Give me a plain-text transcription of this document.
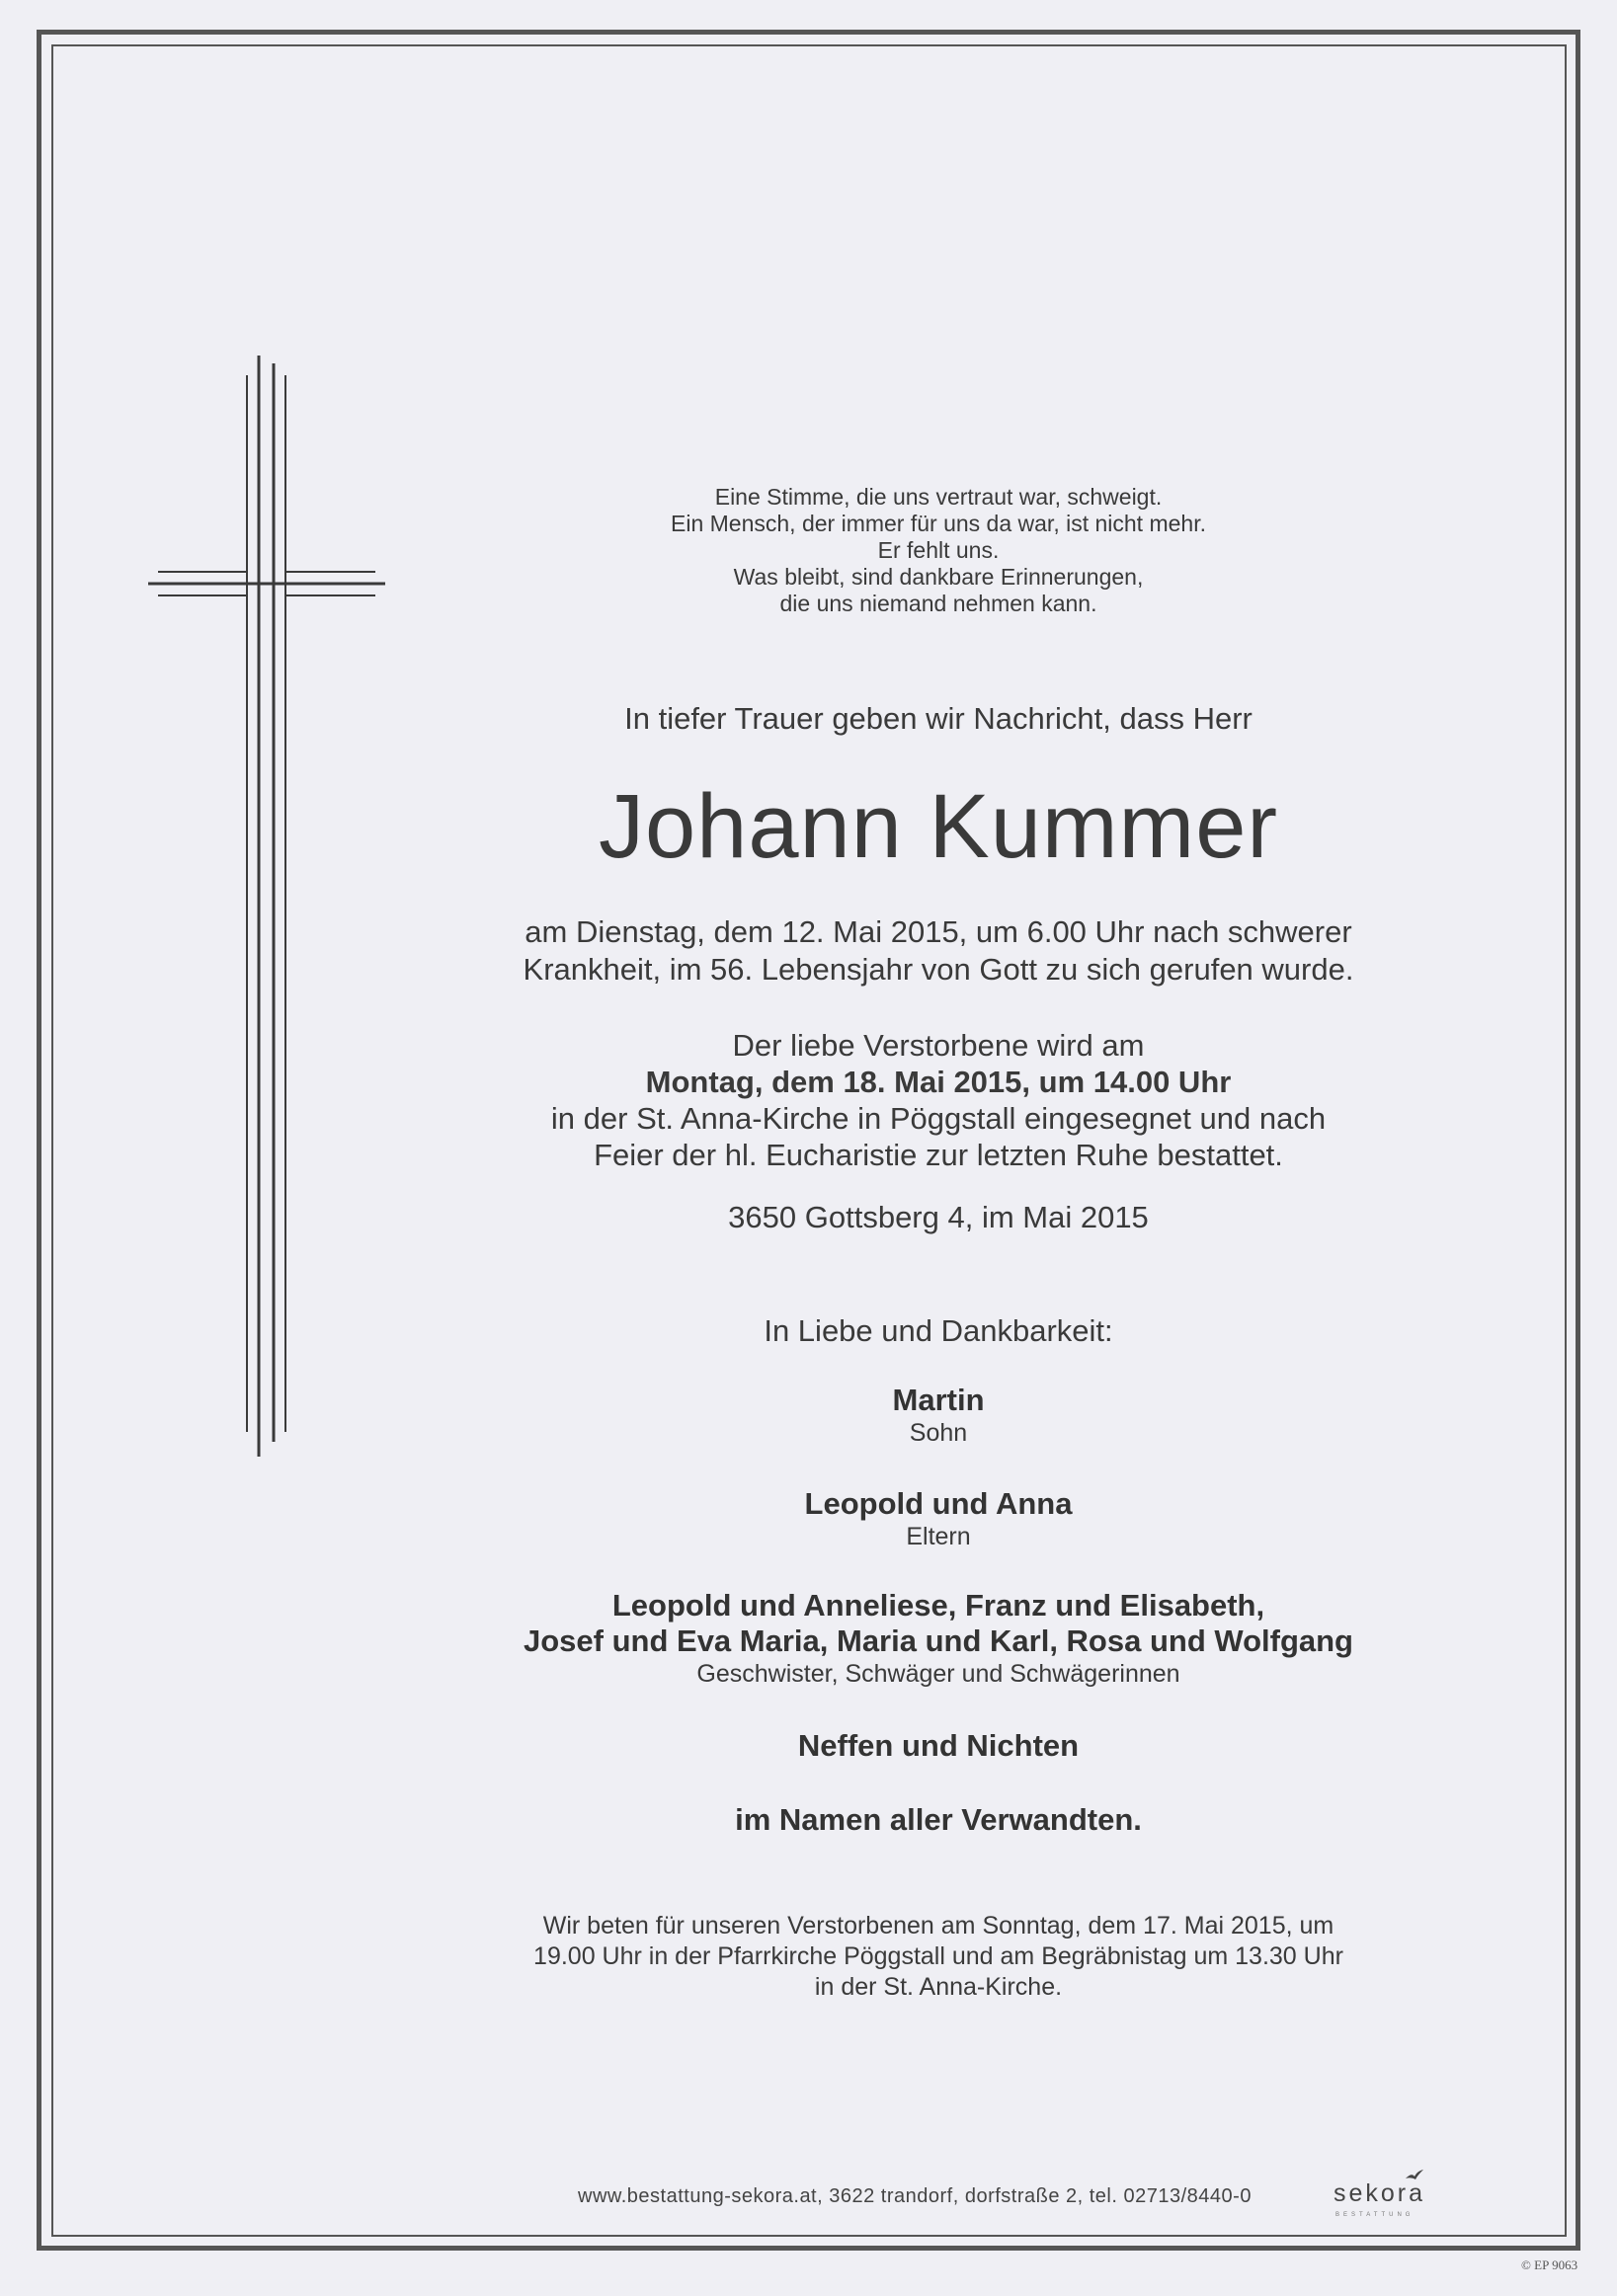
Eine Stimme, die uns vertraut war, schweigt.
Ein Mensch, der immer für uns da war, ist nicht mehr.
Er fehlt uns.
Was bleibt, sind dankbare Erinnerungen,
die uns niemand nehmen kann.
In tiefer Trauer geben wir Nachricht, dass Herr
Johann Kummer
am Dienstag, dem 12. Mai 2015, um 6.00 Uhr nach schwerer
Krankheit, im 56. Lebensjahr von Gott zu sich gerufen wurde.
Der liebe Verstorbene wird am
Montag, dem 18. Mai 2015, um 14.00 Uhr
in der St. Anna-Kirche in Pöggstall eingesegnet und nach
Feier der hl. Eucharistie zur letzten Ruhe bestattet.
3650 Gottsberg 4, im Mai 2015
In Liebe und Dankbarkeit:
Martin
Sohn
Leopold und Anna
Eltern
Leopold und Anneliese, Franz und Elisabeth,
Josef und Eva Maria, Maria und Karl, Rosa und Wolfgang
Geschwister, Schwäger und Schwägerinnen
Neffen und Nichten
im Namen aller Verwandten.
Wir beten für unseren Verstorbenen am Sonntag, dem 17. Mai 2015, um
19.00 Uhr in der Pfarrkirche Pöggstall und am Begräbnistag um 13.30 Uhr
in der St. Anna-Kirche.
www.bestattung-sekora.at, 3622 trandorf, dorfstraße 2, tel. 02713/8440-0	sekora
BESTATTUNG
© EP 9063
